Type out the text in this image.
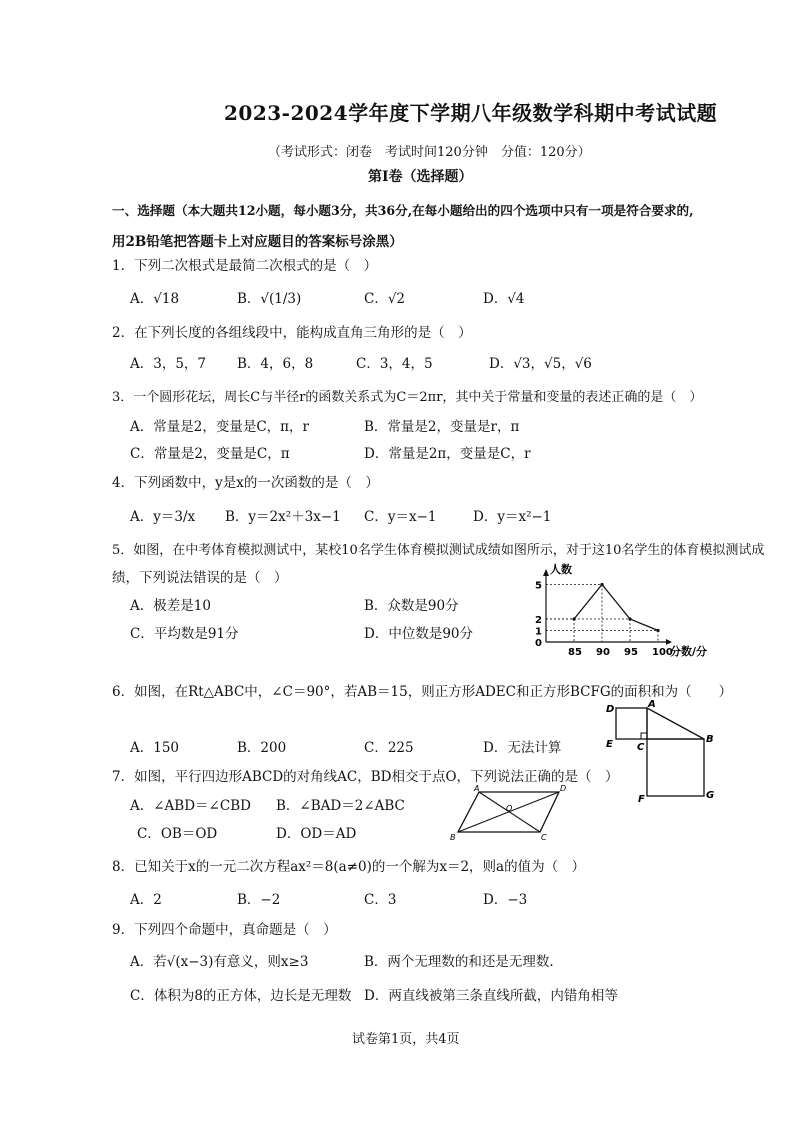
2023-2024学年度下学期八年级数学科期中考试试题
（考试形式：闭卷　考试时间120分钟　分值：120分）
第Ⅰ卷（选择题）
一、选择题（本大题共12小题，每小题3分，共36分,在每小题给出的四个选项中只有一项是符合要求的,
用2B铅笔把答题卡上对应题目的答案标号涂黑）
1．下列二次根式是最简二次根式的是（　）
A．√18	B．√(1/3)	C．√2	D．√4
2．在下列长度的各组线段中，能构成直角三角形的是（　）
A．3，5，7 B．4，6，8	C．3，4，5	D．√3，√5，√6
3．一个圆形花坛，周长C与半径r的函数关系式为C＝2πr，其中关于常量和变量的表述正确的是（　）
A．常量是2，变量是C，π，r	B．常量是2，变量是r，π
C．常量是2，变量是C，π	D．常量是2π，变量是C，r
4．下列函数中，y是x的一次函数的是（　）
A．y＝3/x B．y＝2x²＋3x−1 C．y＝x−1	D．y＝x²−1
5．如图，在中考体育模拟测试中，某校10名学生体育模拟测试成绩如图所示，对于这10名学生的体育模拟测试成
绩，下列说法错误的是（　）
A．极差是10	B．众数是90分
C．平均数是91分	D．中位数是90分
85 90 95 100
0
1
2
5
人数
分数/分
6．如图，在Rt△ABC中，∠C＝90°，若AB＝15，则正方形ADEC和正方形BCFG的面积和为（　　）
A．150	B．200	C．225	D．无法计算
D	A
E C
B
F	G
7．如图，平行四边形ABCD的对角线AC，BD相交于点O，下列说法正确的是（　）
A．∠ABD＝∠CBD B．∠BAD＝2∠ABC
C．OB＝OD	D．OD＝AD
A	D
O
B	C
8．已知关于x的一元二次方程ax²＝8(a≠0)的一个解为x＝2，则a的值为（　）
A．2	B．−2	C．3	D．−3
9．下列四个命题中，真命题是（　）
A．若√(x−3)有意义，则x≥3	B．两个无理数的和还是无理数.
C．体积为8的正方体，边长是无理数 D．两直线被第三条直线所截，内错角相等
试卷第1页，共4页
